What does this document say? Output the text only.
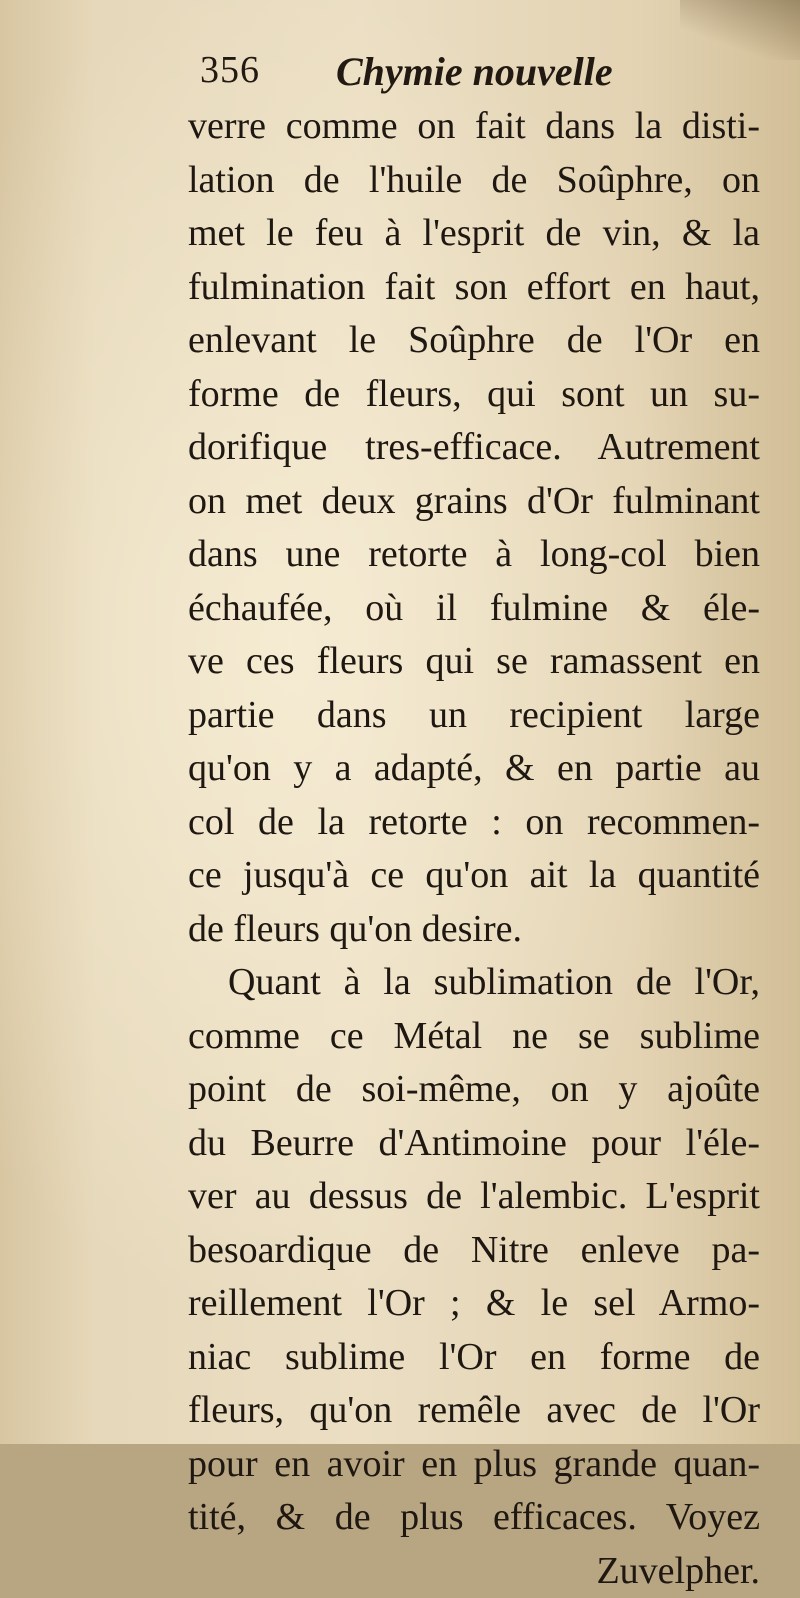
356 Chymie nouvelle
verre comme on fait dans la disti-
lation de l'huile de Soûphre, on
met le feu à l'esprit de vin, & la
fulmination fait son effort en haut,
enlevant le Soûphre de l'Or en
forme de fleurs, qui sont un su-
dorifique tres-efficace. Autrement
on met deux grains d'Or fulminant
dans une retorte à long-col bien
échaufée, où il fulmine & éle-
ve ces fleurs qui se ramassent en
partie dans un recipient large
qu'on y a adapté, & en partie au
col de la retorte : on recommen-
ce jusqu'à ce qu'on ait la quantité
de fleurs qu'on desire.
Quant à la sublimation de l'Or,
comme ce Métal ne se sublime
point de soi-même, on y ajoûte
du Beurre d'Antimoine pour l'éle-
ver au dessus de l'alembic. L'esprit
besoardique de Nitre enleve pa-
reillement l'Or ; & le sel Armo-
niac sublime l'Or en forme de
fleurs, qu'on remêle avec de l'Or
pour en avoir en plus grande quan-
tité, & de plus efficaces. Voyez
Zuvelpher.
